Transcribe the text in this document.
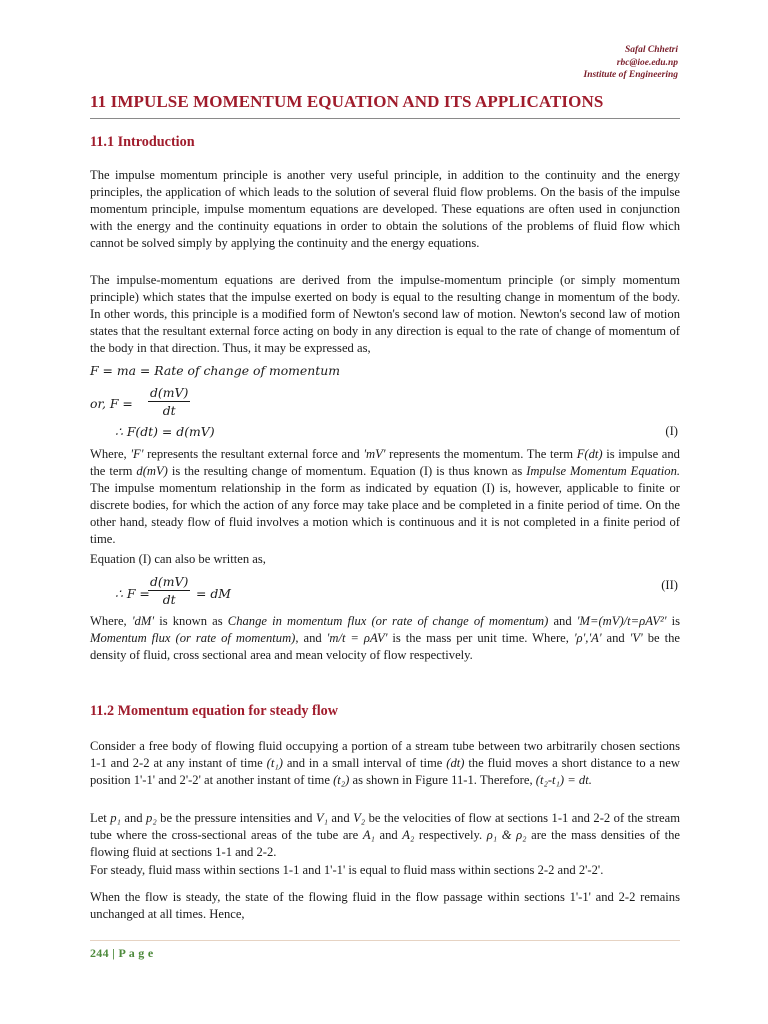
Safal Chhetri
rbc@ioe.edu.np
Institute of Engineering
11 IMPULSE MOMENTUM EQUATION AND ITS APPLICATIONS
11.1 Introduction

The impulse momentum principle is another very useful principle, in addition to the continuity and the energy principles, the application of which leads to the solution of several fluid flow problems. On the basis of the impulse momentum principle, impulse momentum equations are developed. These equations are often used in conjunction with the energy and the continuity equations in order to obtain the solutions of the problems of fluid flow which cannot be solved simply by applying the continuity and the energy equations.

The impulse-momentum equations are derived from the impulse-momentum principle (or simply momentum principle) which states that the impulse exerted on body is equal to the resulting change in momentum of the body. In other words, this principle is a modified form of Newton's second law of motion. Newton's second law of motion states that the resultant external force acting on body in any direction is equal to the rate of change of momentum of the body in that direction. Thus, it may be expressed as,

F = ma = Rate of change of momentum
or, $F = \frac{d(mV)}{dt}$
∴ F(dt) = d(mV)	(I)

Where, 'F' represents the resultant external force and 'mV' represents the momentum. The term F(dt) is impulse and the term d(mV) is the resulting change of momentum. Equation (I) is thus known as Impulse Momentum Equation. The impulse momentum relationship in the form as indicated by equation (I) is, however, applicable to finite or discrete bodies, for which the action of any force may take place and be completed in a finite period of time. On the other hand, steady flow of fluid involves a motion which is continuous and it is not completed in a finite period of time.

Equation (I) can also be written as,

∴ F =
$\frac{d(mV)}{dt}$ = dM
(II)

Where, 'dM' is known as Change in momentum flux (or rate of change of momentum) and 'M=(mV)/t=ρAV²' is Momentum flux (or rate of momentum), and 'm/t = ρAV' is the mass per unit time. Where, 'ρ','A' and 'V' be the density of fluid, cross sectional area and mean velocity of flow respectively.

11.2 Momentum equation for steady flow

Consider a free body of flowing fluid occupying a portion of a stream tube between two arbitrarily chosen sections 1-1 and 2-2 at any instant of time (t₁) and in a small interval of time (dt) the fluid moves a short distance to a new position 1'-1' and 2'-2' at another instant of time (t₂) as shown in Figure 11-1. Therefore, (t₂-t₁) = dt.

Let p₁ and p₂ be the pressure intensities and V₁ and V₂ be the velocities of flow at sections 1-1 and 2-2 of the stream tube where the cross-sectional areas of the tube are A₁ and A₂ respectively. ρ₁ & ρ₂ are the mass densities of the flowing fluid at sections 1-1 and 2-2.

For steady, fluid mass within sections 1-1 and 1'-1' is equal to fluid mass within sections 2-2 and 2'-2'.

When the flow is steady, the state of the flowing fluid in the flow passage within sections 1'-1' and 2-2 remains unchanged at all times. Hence,

244 | P a g e
